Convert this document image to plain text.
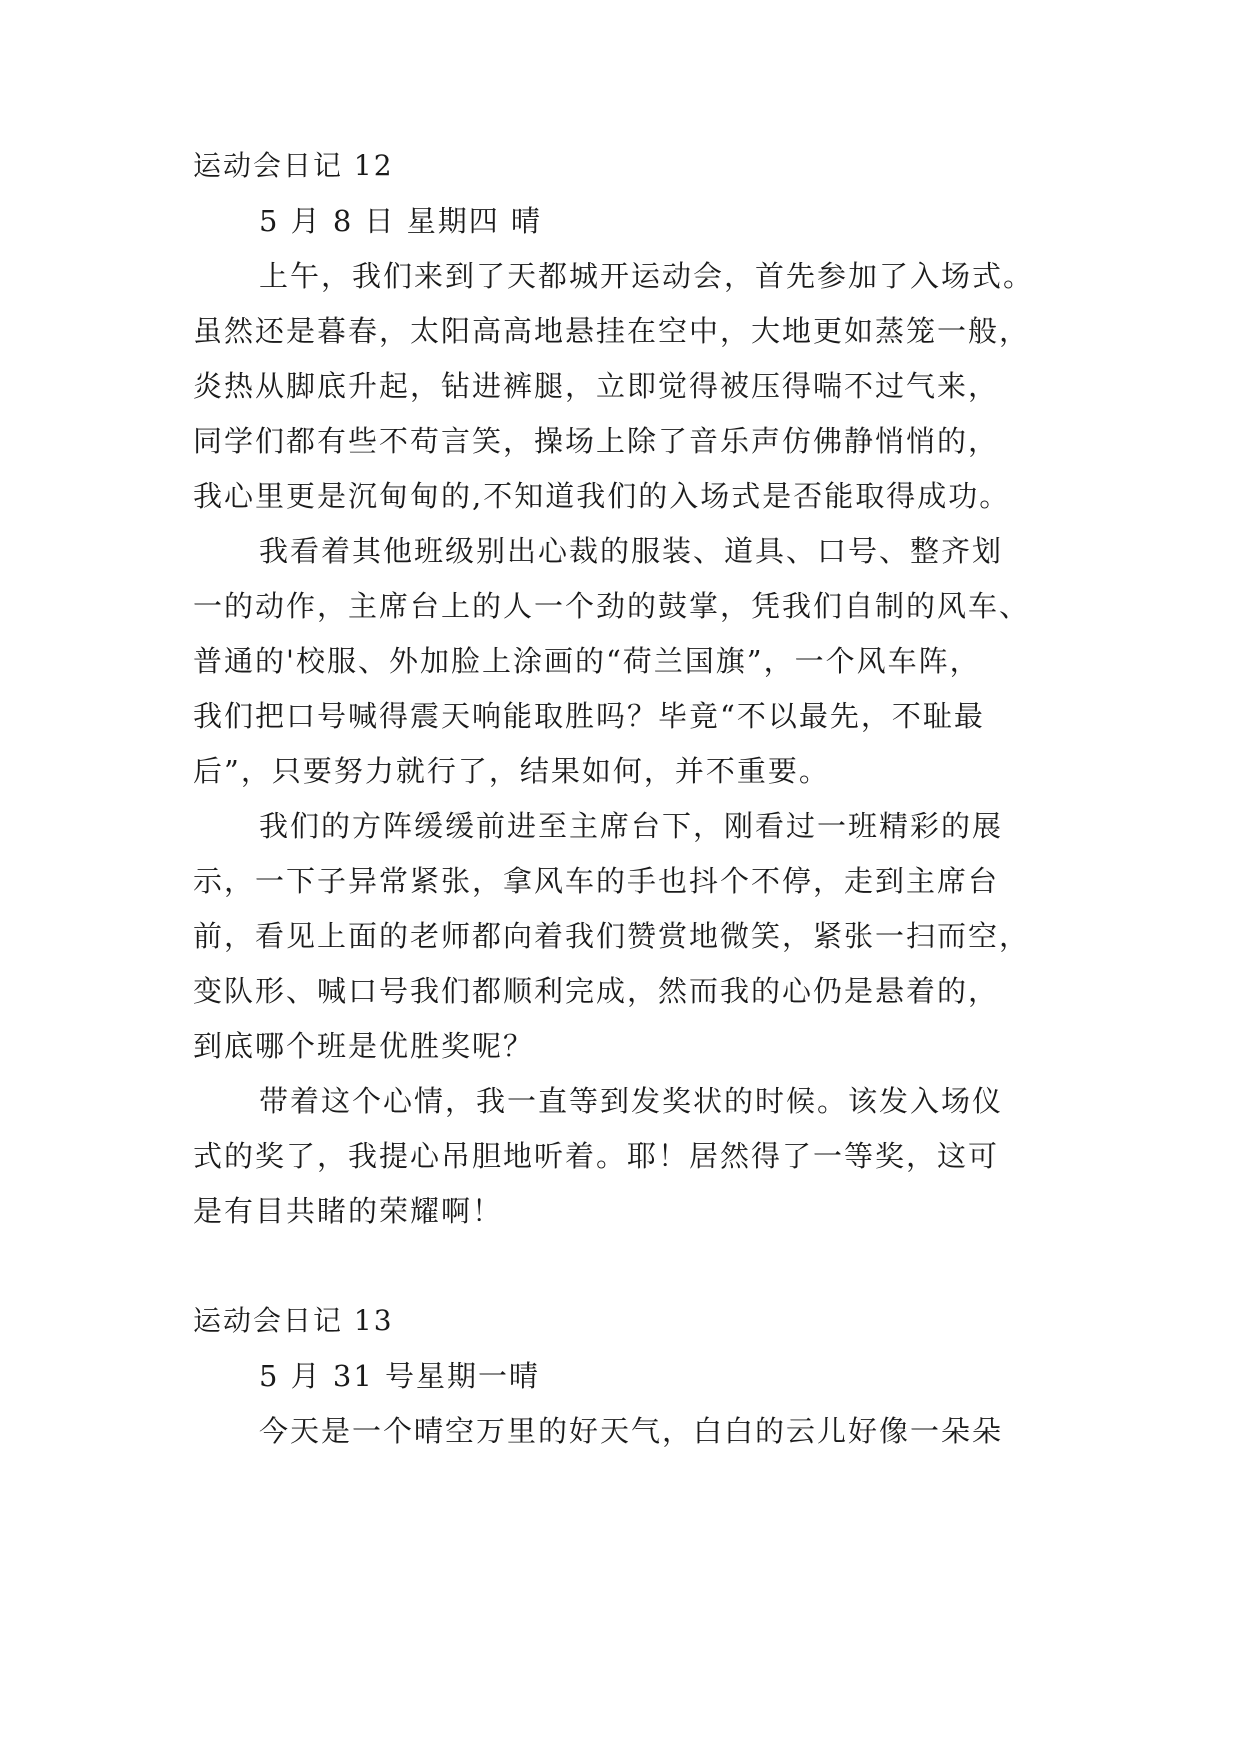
运动会日记 12
5 月 8 日 星期四 晴
上午，我们来到了天都城开运动会，首先参加了入场式。
虽然还是暮春，太阳高高地悬挂在空中，大地更如蒸笼一般，
炎热从脚底升起，钻进裤腿，立即觉得被压得喘不过气来，
同学们都有些不苟言笑，操场上除了音乐声仿佛静悄悄的，
我心里更是沉甸甸的,不知道我们的入场式是否能取得成功。
我看着其他班级别出心裁的服装、道具、口号、整齐划
一的动作，主席台上的人一个劲的鼓掌，凭我们自制的风车、
普通的'校服、外加脸上涂画的“荷兰国旗”，一个风车阵，
我们把口号喊得震天响能取胜吗？毕竟“不以最先，不耻最
后”，只要努力就行了，结果如何，并不重要。
我们的方阵缓缓前进至主席台下，刚看过一班精彩的展
示，一下子异常紧张，拿风车的手也抖个不停，走到主席台
前，看见上面的老师都向着我们赞赏地微笑，紧张一扫而空，
变队形、喊口号我们都顺利完成，然而我的心仍是悬着的，
到底哪个班是优胜奖呢？
带着这个心情，我一直等到发奖状的时候。该发入场仪
式的奖了，我提心吊胆地听着。耶！居然得了一等奖，这可
是有目共睹的荣耀啊！
运动会日记 13
5 月 31 号星期一晴
今天是一个晴空万里的好天气，白白的云儿好像一朵朵
